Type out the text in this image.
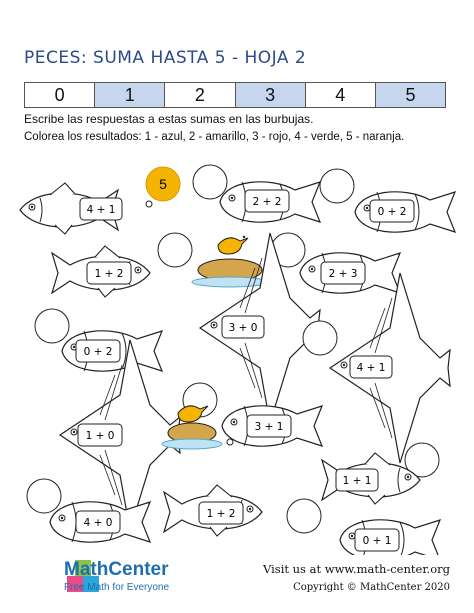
PECES: SUMA HASTA 5 - HOJA 2
0	1	2	3	4	5
Escribe las respuestas a estas sumas en las burbujas.
Colorea los resultados: 1 - azul, 2 - amarillo, 3 - rojo, 4 - verde, 5 - naranja.
5
4 + 1
2 + 2
0 + 2
1 + 2	2 + 3
0 + 2
3 + 0
4 + 1
1 + 0
3 + 1
1 + 1
1 + 2
4 + 0
0 + 1
MathCenter
Free Math for Everyone
Visit us at www.math-center.org
Copyright © MathCenter 2020
